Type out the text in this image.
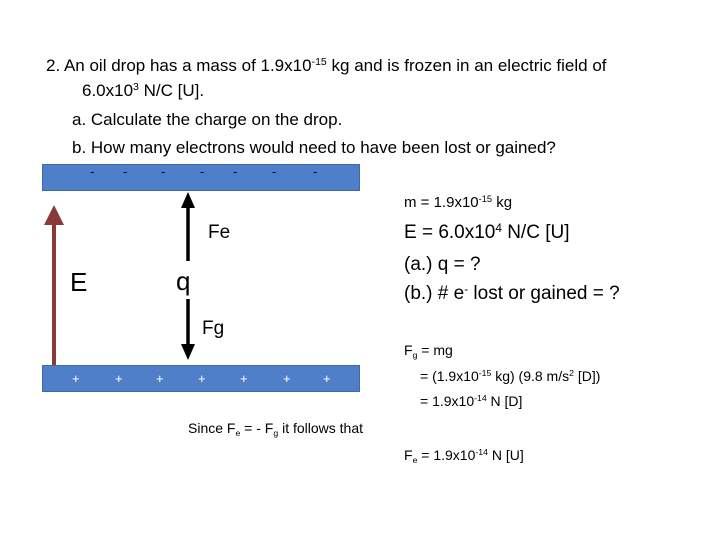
2. An oil drop has a mass of $1.9x10^{-15}$ kg and is frozen in an electric field of
$6.0x10^3$ N/C [U].
a. Calculate the charge on the drop.
b. How many electrons would need to have been lost or gained?
- -	-	- -	-	-
+	+	+	+	+	+ +
Fe
E	q
Fg
$m = 1.9x10^{-15}$ kg
$E = 6.0x10^4$ N/C [U]
(a.) q = ?
(b.) # e- lost or gained = ?
$F_g$ = mg
= ($1.9x10^{-15}$ kg) (9.8 $m/s^2$ [D])
= $1.9x10^{-14}$ N [D]
Since $F_e$ = - $F_g$ it follows that
$F_e = 1.9x10^{-14}$ N [U]
